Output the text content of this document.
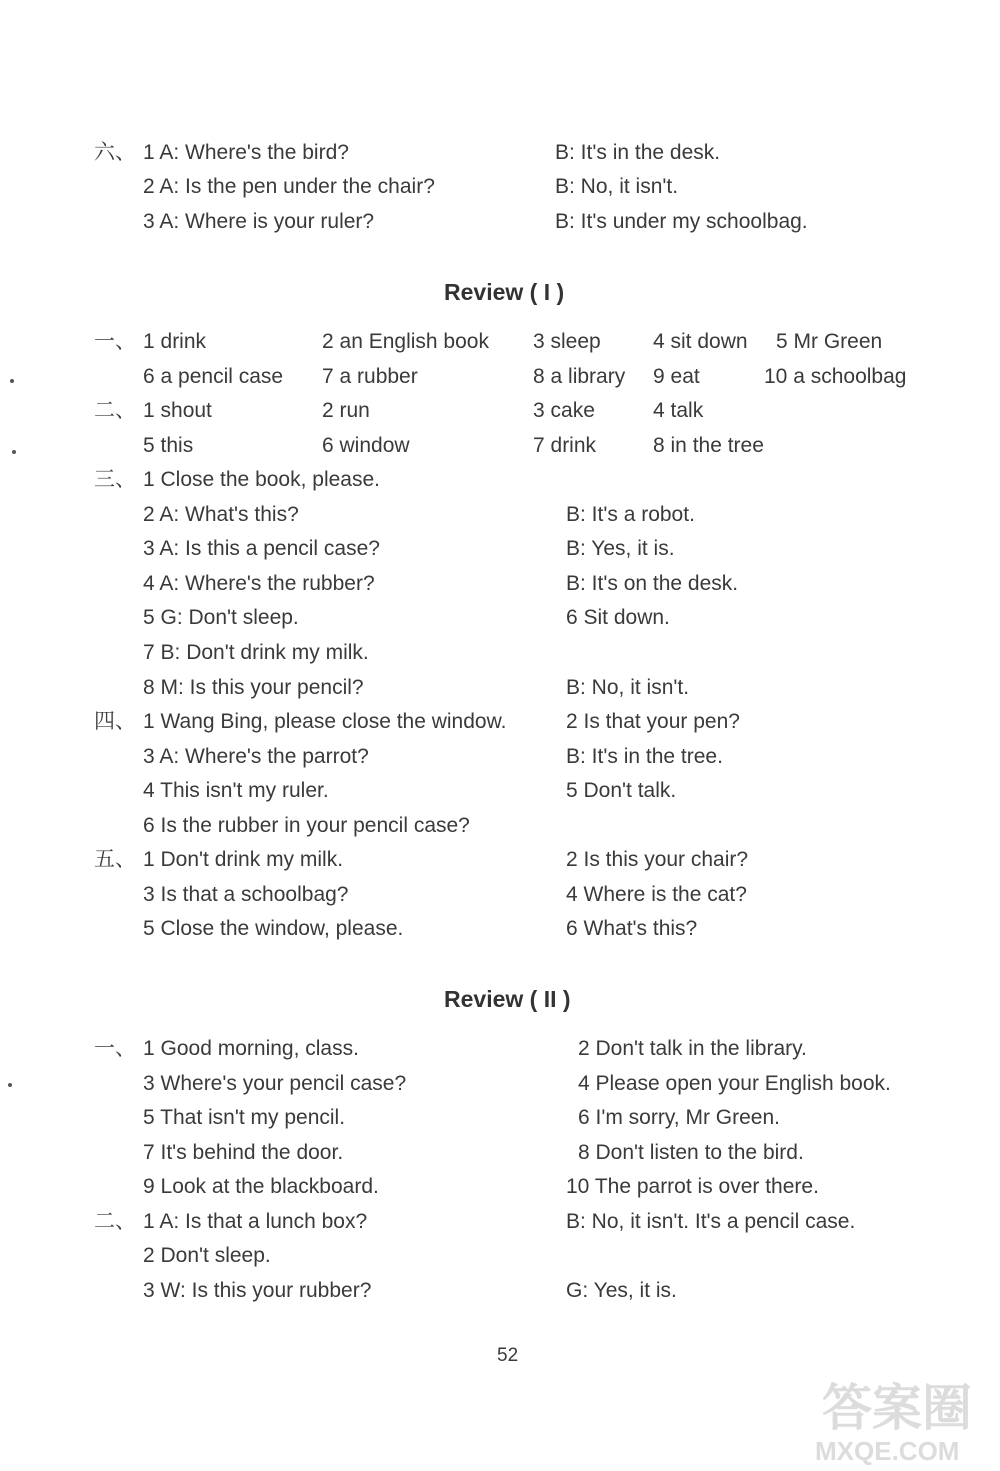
六、 1 A: Where's the bird?	B: It's in the desk.
2 A: Is the pen under the chair?	B: No, it isn't.
3 A: Where is your ruler?	B: It's under my schoolbag.
Review ( I )
一、 1 drink	2 an English book 3 sleep 4 sit down 5 Mr Green
6 a pencil case 7 a rubber	8 a library 9 eat	10 a schoolbag
二、 1 shout	2 run	3 cake	4 talk
5 this	6 window	7 drink	8 in the tree
三、 1 Close the book, please.
2 A: What's this?	B: It's a robot.
3 A: Is this a pencil case?	B: Yes, it is.
4 A: Where's the rubber?	B: It's on the desk.
5 G: Don't sleep.	6 Sit down.
7 B: Don't drink my milk.
8 M: Is this your pencil?	B: No, it isn't.
四、 1 Wang Bing, please close the window.	2 Is that your pen?
3 A: Where's the parrot?	B: It's in the tree.
4 This isn't my ruler.	5 Don't talk.
6 Is the rubber in your pencil case?
五、 1 Don't drink my milk.	2 Is this your chair?
3 Is that a schoolbag?	4 Where is the cat?
5 Close the window, please.	6 What's this?
Review ( II )
一、 1 Good morning, class.	2 Don't talk in the library.
3 Where's your pencil case?	4 Please open your English book.
5 That isn't my pencil.	6 I'm sorry, Mr Green.
7 It's behind the door.	8 Don't listen to the bird.
9 Look at the blackboard.	10 The parrot is over there.
二、 1 A: Is that a lunch box?	B: No, it isn't. It's a pencil case.
2 Don't sleep.
3 W: Is this your rubber?	G: Yes, it is.
52
答案圈
MXQE.COM
